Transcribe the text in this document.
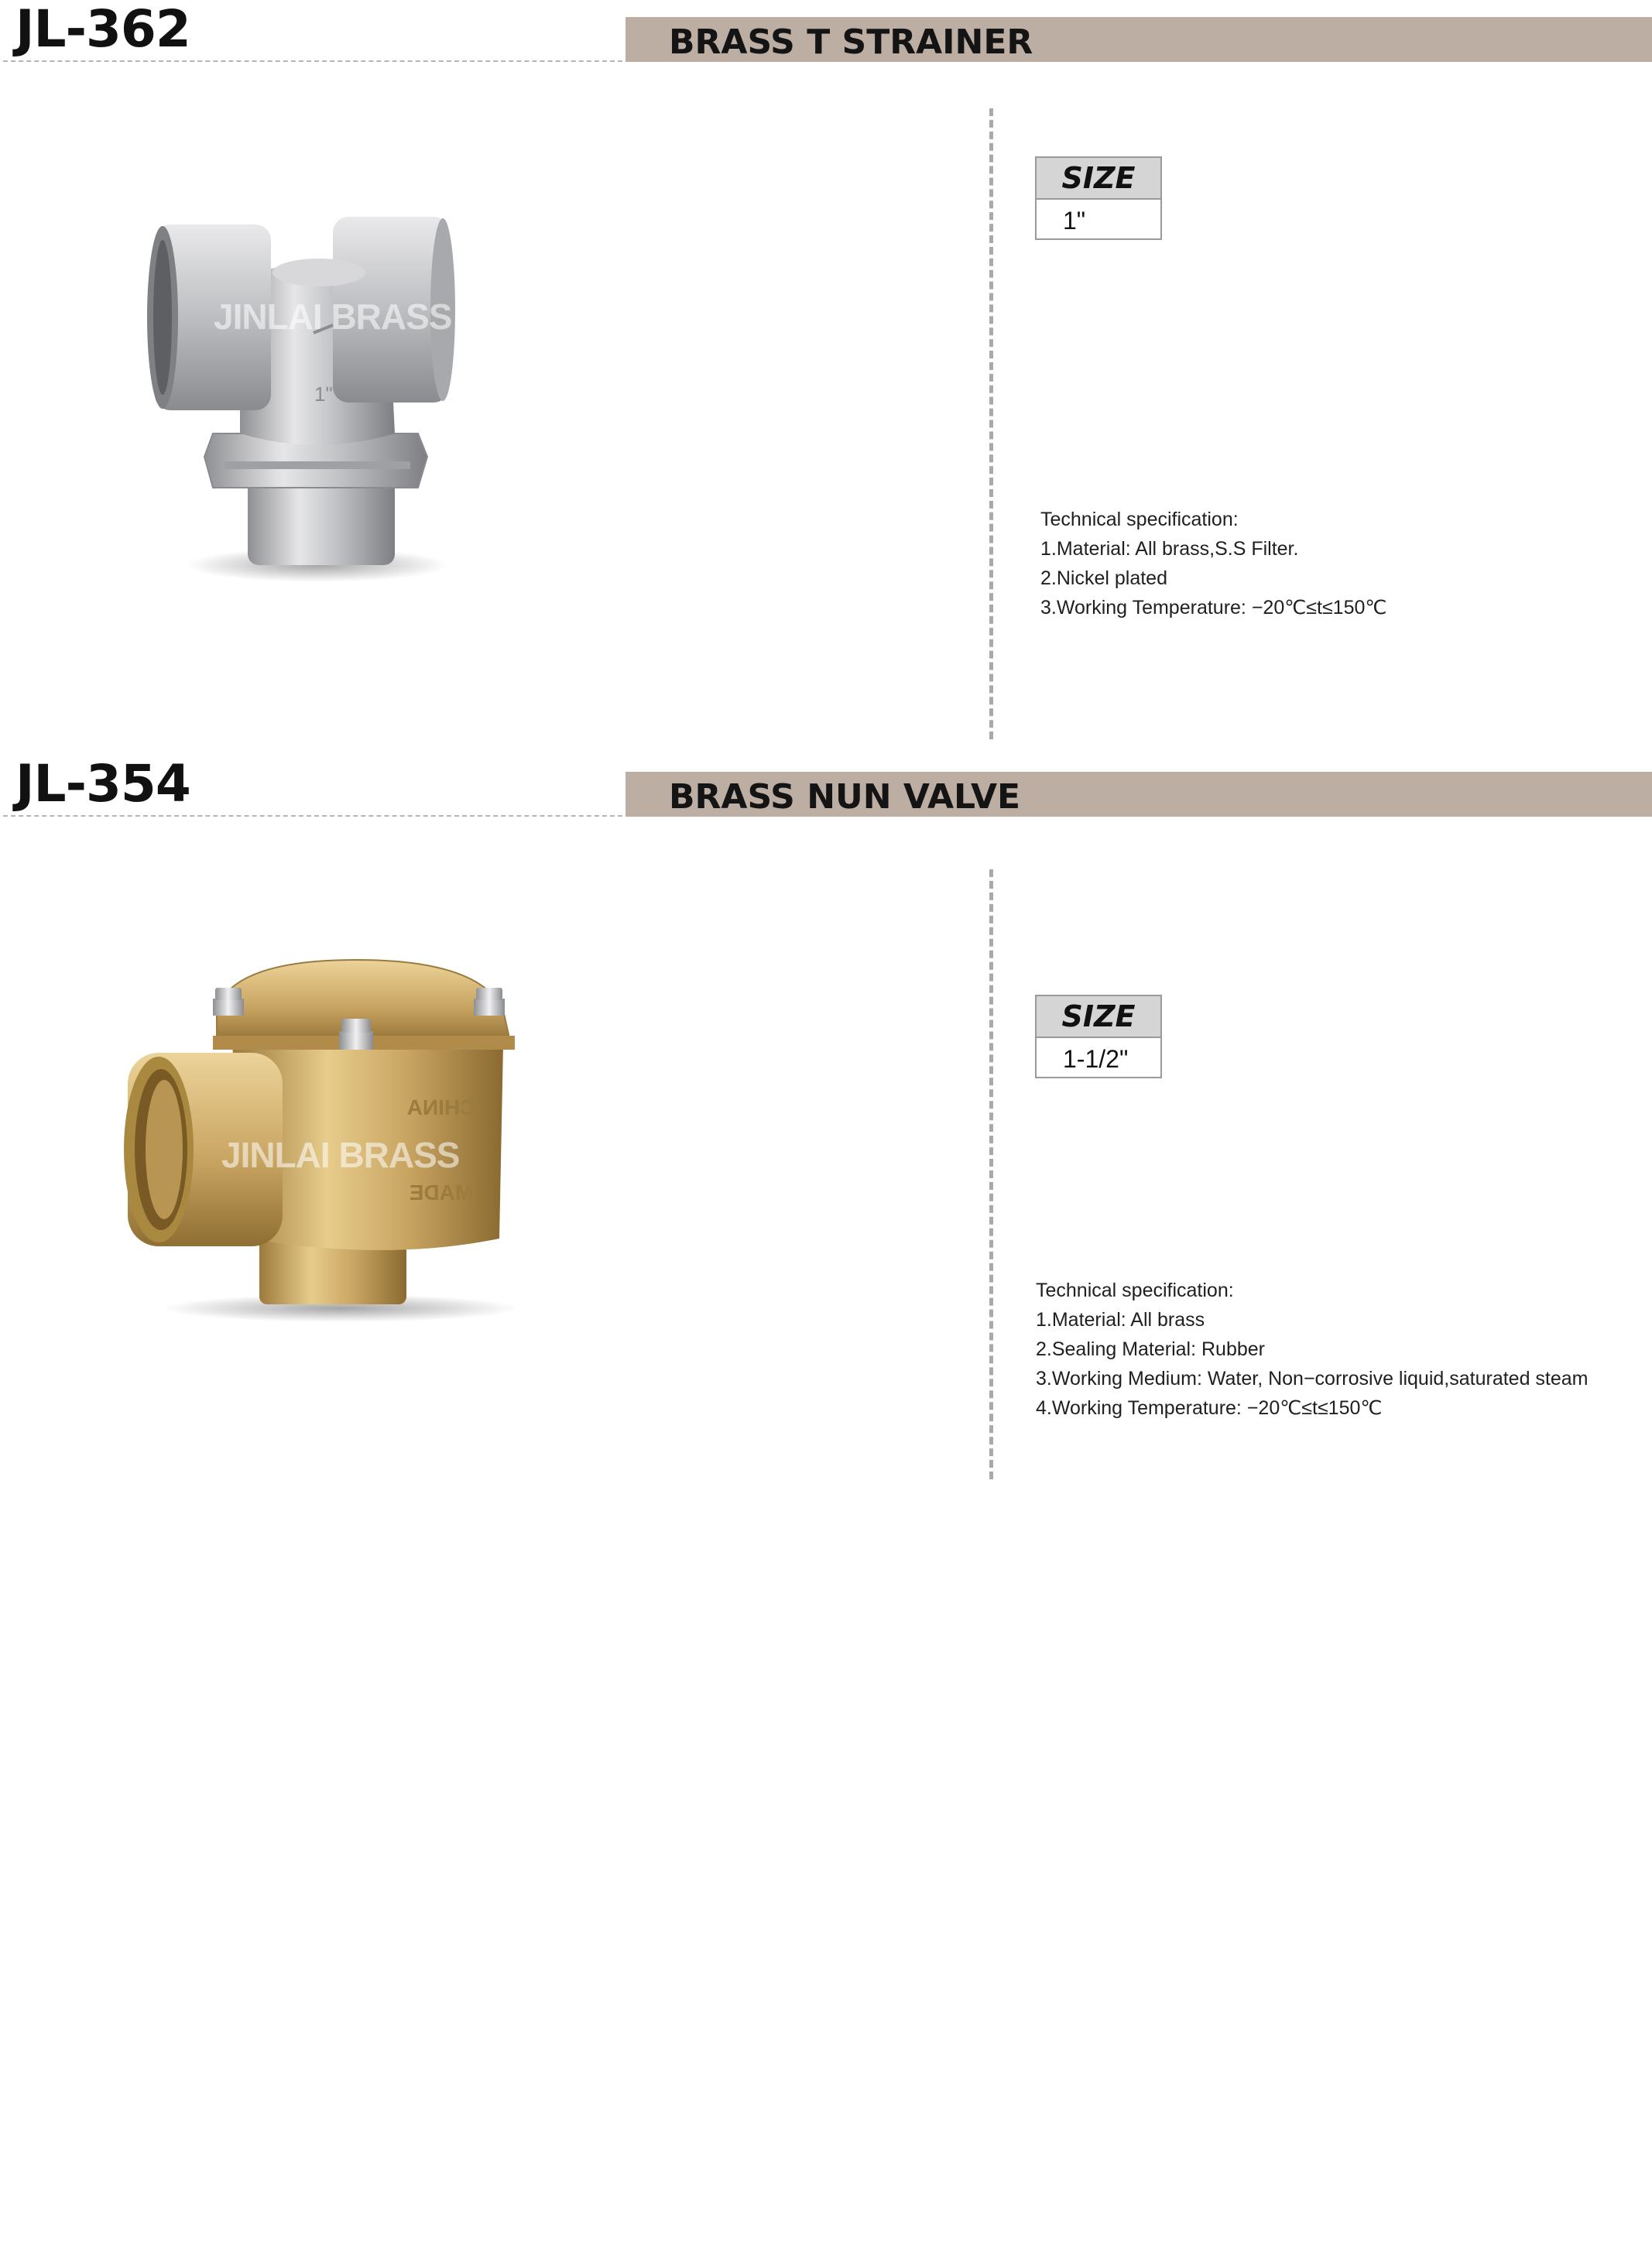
JL-362	BRASS T STRAINER
1"
JINLAI BRASS
SIZE
1"
Technical specification:
1.Material: All brass,S.S Filter.
2.Nickel plated
3.Working Temperature: −20℃≤t≤150℃
JL-354	BRASS NUN VALVE
CHINA
MADE
JINLAI BRASS
SIZE
1-1/2"
Technical specification:
1.Material: All brass
2.Sealing Material: Rubber
3.Working Medium: Water, Non−corrosive liquid,saturated steam
4.Working Temperature: −20℃≤t≤150℃
